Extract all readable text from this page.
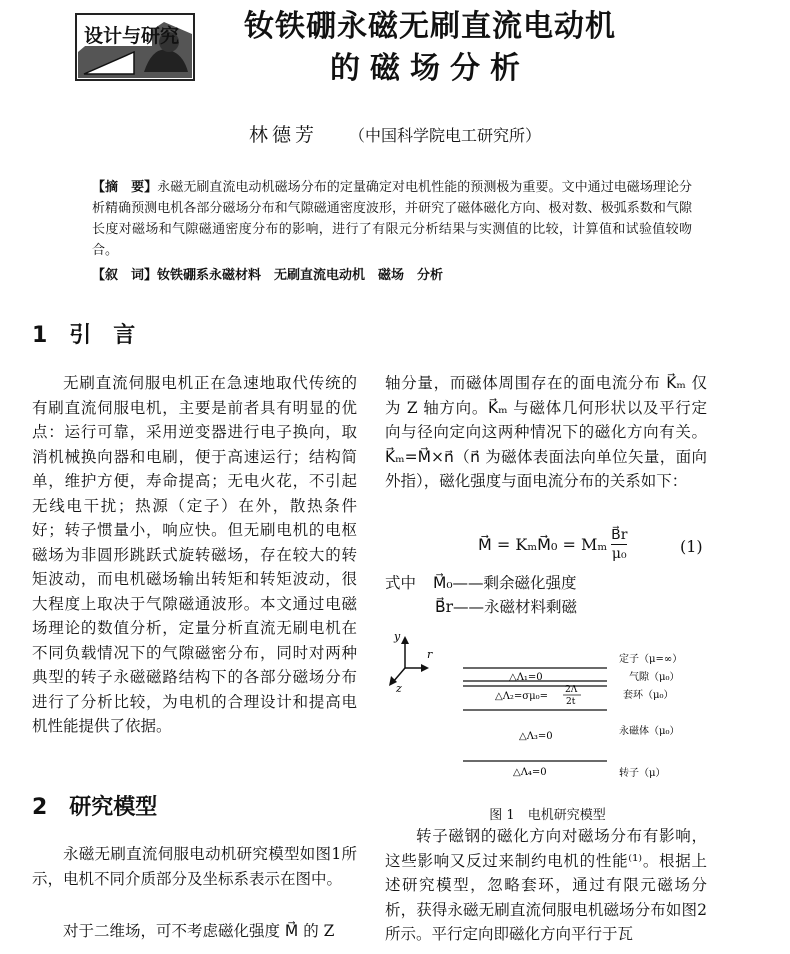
设计与研究	钕铁硼永磁无刷直流电动机
的磁场分析
林德芳 （中国科学院电工研究所）
【摘　要】永磁无刷直流电动机磁场分布的定量确定对电机性能的预测极为重要。文中通过电磁场理论分析精确预测电机各部分磁场分布和气隙磁通密度波形，并研究了磁体磁化方向、极对数、极弧系数和气隙长度对磁场和气隙磁通密度分布的影响，进行了有限元分析结果与实测值的比较，计算值和试验值较吻合。
【叙　词】钕铁硼系永磁材料　无刷直流电动机　磁场　分析
1　引　言
无刷直流伺服电机正在急速地取代传统的有刷直流伺服电机，主要是前者具有明显的优点：运行可靠，采用逆变器进行电子换向，取消机械换向器和电刷，便于高速运行；结构简单，维护方便，寿命提高；无电火花，不引起无线电干扰；热源（定子）在外，散热条件好；转子惯量小，响应快。但无刷电机的电枢磁场为非圆形跳跃式旋转磁场，存在较大的转矩波动，而电机磁场输出转矩和转矩波动，很大程度上取决于气隙磁通波形。本文通过电磁场理论的数值分析，定量分析直流无刷电机在不同负载情况下的气隙磁密分布，同时对两种典型的转子永磁磁路结构下的各部分磁场分布进行了分析比较，为电机的合理设计和提高电机性能提供了依据。
2　研究模型
永磁无刷直流伺服电动机研究模型如图1所示，电机不同介质部分及坐标系表示在图中。
对于二维场，可不考虑磁化强度 M⃗ 的 Z
轴分量，而磁体周围存在的面电流分布 K⃗ₘ 仅为 Z 轴方向。K⃗ₘ 与磁体几何形状以及平行定向与径向定向这两种情况下的磁化方向有关。K⃗ₘ=M⃗×n⃗（n⃗ 为磁体表面法向单位矢量，面向外指），磁化强度与面电流分布的关系如下：
M⃗ = KₘM⃗₀ = Mₘ $\frac{B⃗r}{\text{μ₀}}$	(1)
式中 M⃗₀——剩余磁化强度
B⃗r——永磁材料剩磁
y
r
z
△Λ₁=0
△Λ₂=σμ₀=
2Λ
2t
△Λ₃=0
△Λ₄=0
定子（μ=∞）
气隙（μ₀）
套环（μ₀）
永磁体（μ₀）
转子（μ）
图 1　电机研究模型
转子磁钢的磁化方向对磁场分布有影响，这些影响又反过来制约电机的性能⁽¹⁾。根据上述研究模型，忽略套环，通过有限元磁场分析，获得永磁无刷直流伺服电机磁场分布如图2所示。平行定向即磁化方向平行于瓦
